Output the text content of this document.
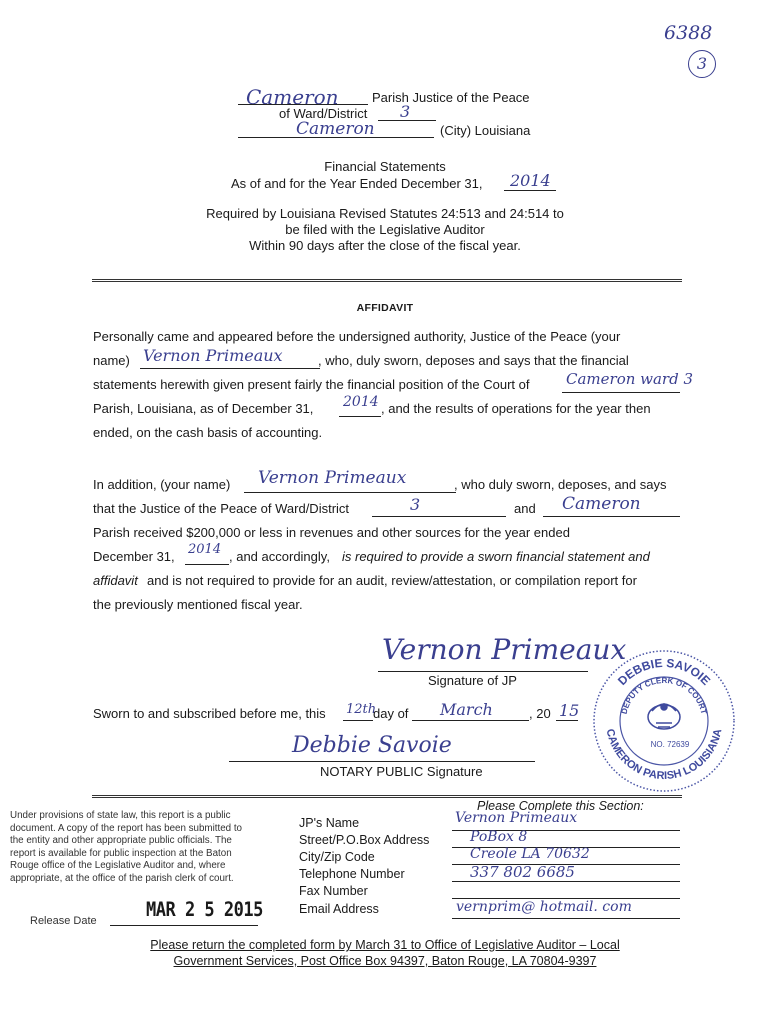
6388
3
Cameron	Parish Justice of the Peace
of Ward/District 3
Cameron	(City) Louisiana
Financial Statements
As of and for the Year Ended December 31, 2014
Required by Louisiana Revised Statutes 24:513 and 24:514 to
be filed with the Legislative Auditor
Within 90 days after the close of the fiscal year.
AFFIDAVIT
Personally came and appeared before the undersigned authority, Justice of the Peace (your
name) Vernon Primeaux	, who, duly sworn, deposes and says that the financial
statements herewith given present fairly the financial position of the Court of Cameron ward 3
Parish, Louisiana, as of December 31, 2014 , and the results of operations for the year then
ended, on the cash basis of accounting.
In addition, (your name) Vernon Primeaux	, who duly sworn, deposes, and says
that the Justice of the Peace of Ward/District	3	and Cameron
Parish received $200,000 or less in revenues and other sources for the year ended
December 31, 2014 , and accordingly, is required to provide a sworn financial statement and
affidavit and is not required to provide for an audit, review/attestation, or compilation report for
the previously mentioned fiscal year.
Vernon Primeaux
Signature of JP
Sworn to and subscribed before me, this 12th
day of March	, 20 15
Debbie Savoie
NOTARY PUBLIC Signature
DEBBIE SAVOIE
DEPUTY CLERK OF COURT
CAMERON PARISH LOUISIANA
NO. 72639
Under provisions of state law, this report is a public
document. A copy of the report has been submitted to
the entity and other appropriate public officials. The
report is available for public inspection at the Baton
Rouge office of the Legislative Auditor and, where
appropriate, at the office of the parish clerk of court.
Release Date	MAR 2 5 2015
Please Complete this Section:
JP's Name	Vernon Primeaux
Street/P.O.Box Address	PoBox 8
City/Zip Code	Creole LA 70632
Telephone Number	337 802 6685
Fax Number
Email Address	vernprim@ hotmail. com
Please return the completed form by March 31 to Office of Legislative Auditor – Local
Government Services, Post Office Box 94397, Baton Rouge, LA 70804-9397
